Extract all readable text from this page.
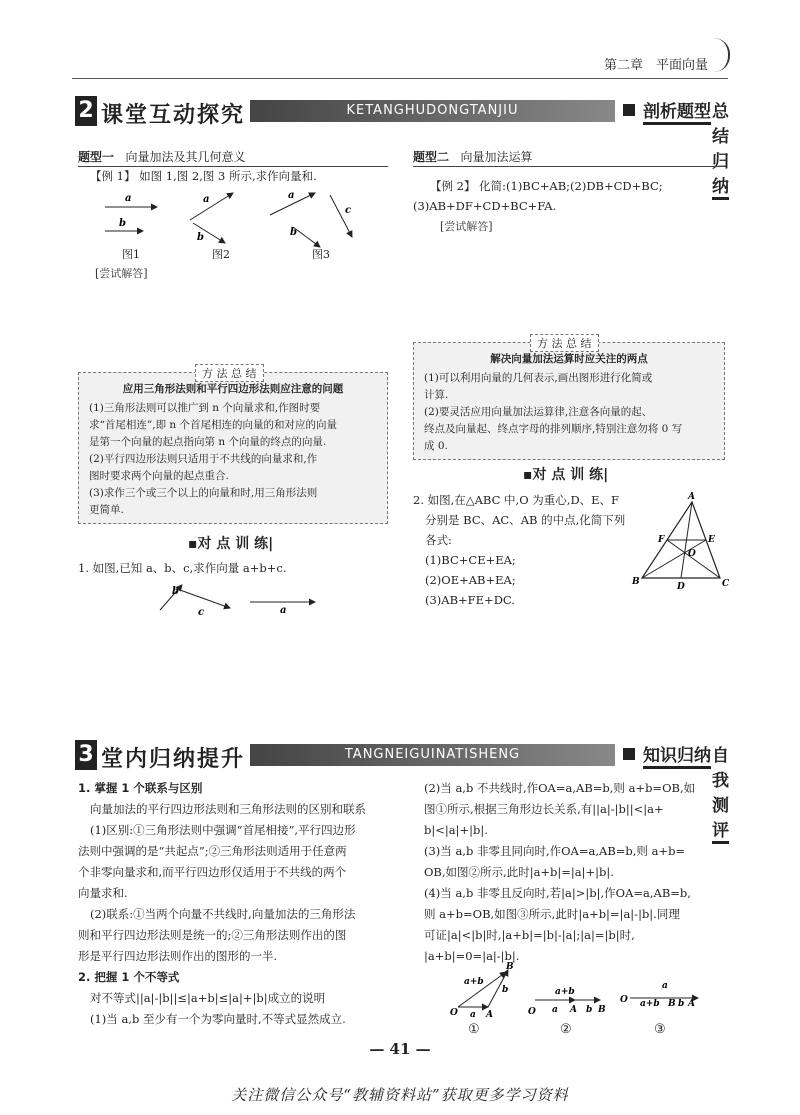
第二章　平面向量
2 课堂互动探究	KETANGHUDONGTANJIU	剖析题型 总结归纳
题型一 向量加法及其几何意义
【例 1】 如图 1,图 2,图 3 所示,求作向量和.
a
b
a
b
a
c
b
图1	图2	图3
[尝试解答]
应用三角形法则和平行四边形法则应注意的问题
(1)三角形法则可以推广到 n 个向量求和,作图时要
求“首尾相连”,即 n 个首尾相连的向量的和对应的向量
是第一个向量的起点指向第 n 个向量的终点的向量.
(2)平行四边形法则只适用于不共线的向量求和,作
图时要求两个向量的起点重合.
(3)求作三个或三个以上的向量和时,用三角形法则
更简单.
方 法 总 结
▪对 点 训 练|
1. 如图,已知 a、b、c,求作向量 a+b+c.
b
c	a
题型二 向量加法运算
【例 2】 化简:(1)BC+AB;(2)DB+CD+BC;
(3)AB+DF+CD+BC+FA.
[尝试解答]
解决向量加法运算时应关注的两点
(1)可以利用向量的几何表示,画出图形进行化简或
计算.
(2)要灵活应用向量加法运算律,注意各向量的起、
终点及向量起、终点字母的排列顺序,特别注意勿将 0 写
成 0.
方 法 总 结
▪对 点 训 练|
2. 如图,在△ABC 中,O 为重心,D、E、F
分别是 BC、AC、AB 的中点,化简下列
各式:
(1)BC+CE+EA;
(2)OE+AB+EA;
(3)AB+FE+DC.
A
B	C
D
E
F
O
3 堂内归纳提升	TANGNEIGUINATISHENG	知识归纳 自我测评
1. 掌握 1 个联系与区别
向量加法的平行四边形法则和三角形法则的区别和联系
(1)区别:①三角形法则中强调“首尾相接”,平行四边形
法则中强调的是“共起点”;②三角形法则适用于任意两
个非零向量求和,而平行四边形仅适用于不共线的两个
向量求和.
(2)联系:①当两个向量不共线时,向量加法的三角形法
则和平行四边形法则是统一的;②三角形法则作出的图
形是平行四边形法则作出的图形的一半.
2. 把握 1 个不等式
对不等式||a|-|b||≤|a+b|≤|a|+|b|成立的说明
(1)当 a,b 至少有一个为零向量时,不等式显然成立.
(2)当 a,b 不共线时,作OA=a,AB=b,则 a+b=OB,如
图①所示,根据三角形边长关系,有||a|-|b||<|a+
b|<|a|+|b|.
(3)当 a,b 非零且同向时,作OA=a,AB=b,则 a+b=
OB,如图②所示,此时|a+b|=|a|+|b|.
(4)当 a,b 非零且反向时,若|a|>|b|,作OA=a,AB=b,
则 a+b=OB,如图③所示,此时|a+b|=|a|-|b|.同理
可证|a|<|b|时,|a+b|=|b|-|a|;|a|=|b|时,
|a+b|=0=|a|-|b|.
O a A
B
b
a+b
O a A b B
a+b
O a+b B b A
a
①	②	③
— 41 —
关注微信公众号“教辅资料站”获取更多学习资料
